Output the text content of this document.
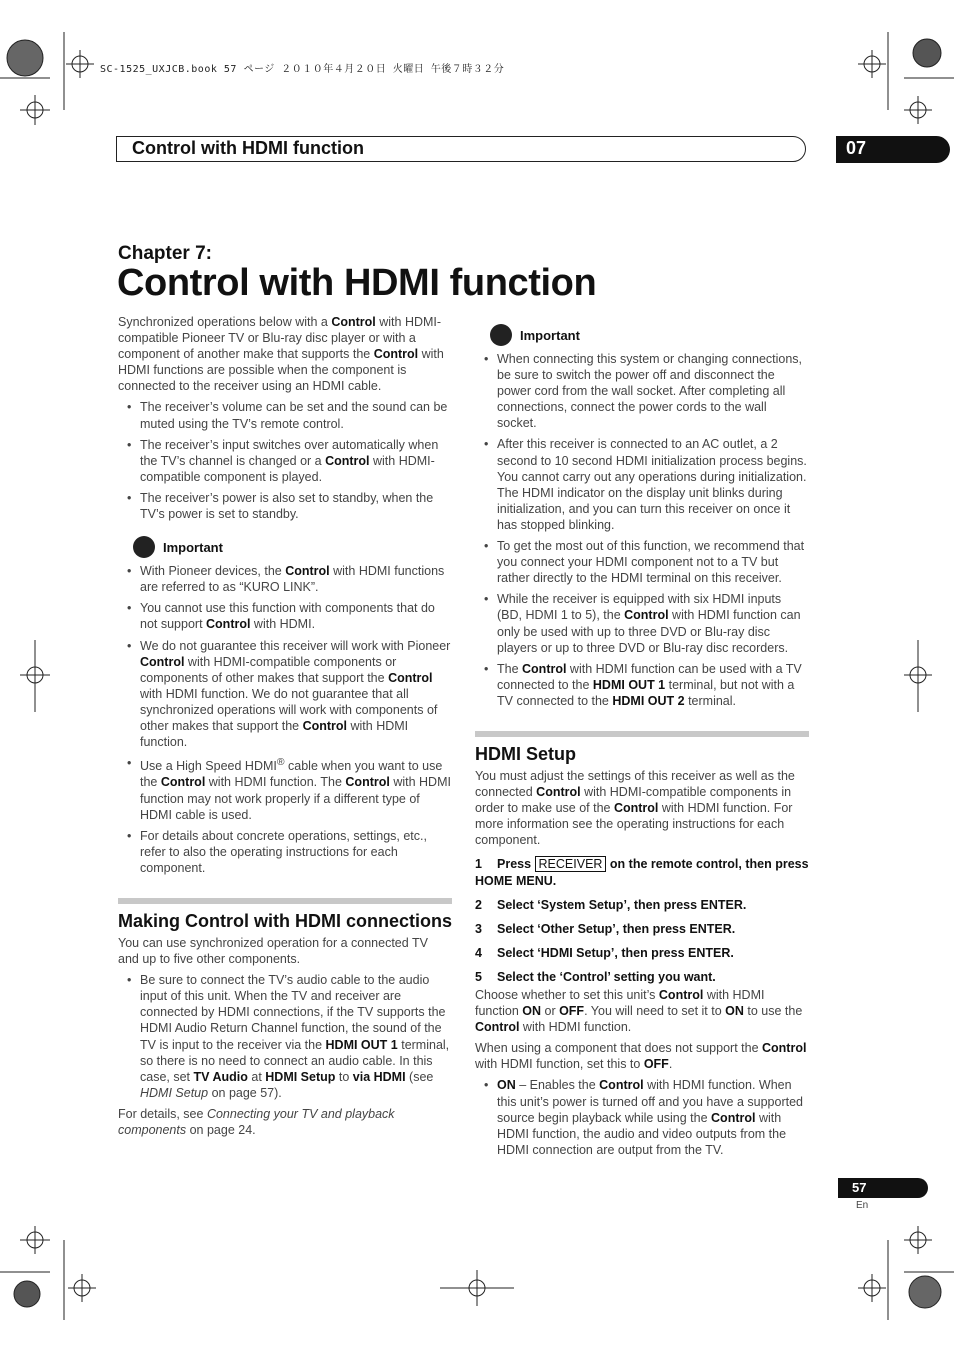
SC-1525_UXJCB.book 57 ページ ２０１０年４月２０日 火曜日 午後７時３２分
Control with HDMI function	07
Chapter 7:
Control with HDMI function

Synchronized operations below with a Control with HDMI-compatible Pioneer TV or Blu-ray disc player or with a component of another make that supports the Control with HDMI functions are possible when the component is connected to the receiver using an HDMI cable.

• The receiver’s volume can be set and the sound can be muted using the TV’s remote control.
• The receiver’s input switches over automatically when the TV’s channel is changed or a Control with HDMI-compatible component is played.
• The receiver’s power is also set to standby, when the TV’s power is set to standby.
Important
• With Pioneer devices, the Control with HDMI functions are referred to as “KURO LINK”.
• You cannot use this function with components that do not support Control with HDMI.
• We do not guarantee this receiver will work with Pioneer Control with HDMI-compatible components or components of other makes that support the Control with HDMI function. We do not guarantee that all synchronized operations will work with components of other makes that support the Control with HDMI function.
• Use a High Speed HDMI® cable when you want to use the Control with HDMI function. The Control with HDMI function may not work properly if a different type of HDMI cable is used.
• For details about concrete operations, settings, etc., refer to also the operating instructions for each component.
Making Control with HDMI connections

You can use synchronized operation for a connected TV and up to five other components.

• Be sure to connect the TV’s audio cable to the audio input of this unit. When the TV and receiver are connected by HDMI connections, if the TV supports the HDMI Audio Return Channel function, the sound of the TV is input to the receiver via the HDMI OUT 1 terminal, so there is no need to connect an audio cable. In this case, set TV Audio at HDMI Setup to via HDMI (see HDMI Setup on page 57).

For details, see Connecting your TV and playback components on page 24.

Important
• When connecting this system or changing connections, be sure to switch the power off and disconnect the power cord from the wall socket. After completing all connections, connect the power cords to the wall socket.
• After this receiver is connected to an AC outlet, a 2 second to 10 second HDMI initialization process begins. You cannot carry out any operations during initialization. The HDMI indicator on the display unit blinks during initialization, and you can turn this receiver on once it has stopped blinking.
• To get the most out of this function, we recommend that you connect your HDMI component not to a TV but rather directly to the HDMI terminal on this receiver.
• While the receiver is equipped with six HDMI inputs (BD, HDMI 1 to 5), the Control with HDMI function can only be used with up to three DVD or Blu-ray disc players or up to three DVD or Blu-ray disc recorders.
• The Control with HDMI function can be used with a TV connected to the HDMI OUT 1 terminal, but not with a TV connected to the HDMI OUT 2 terminal.
HDMI Setup

You must adjust the settings of this receiver as well as the connected Control with HDMI-compatible components in order to make use of the Control with HDMI function. For more information see the operating instructions for each component.

1 Press RECEIVER on the remote control, then press HOME MENU.

2 Select ‘System Setup’, then press ENTER.

3 Select ‘Other Setup’, then press ENTER.

4 Select ‘HDMI Setup’, then press ENTER.

5 Select the ‘Control’ setting you want.

Choose whether to set this unit’s Control with HDMI function ON or OFF. You will need to set it to ON to use the Control with HDMI function.

When using a component that does not support the Control with HDMI function, set this to OFF.

• ON – Enables the Control with HDMI function. When this unit’s power is turned off and you have a supported source begin playback while using the Control with HDMI function, the audio and video outputs from the HDMI connection are output from the TV.
57
En
